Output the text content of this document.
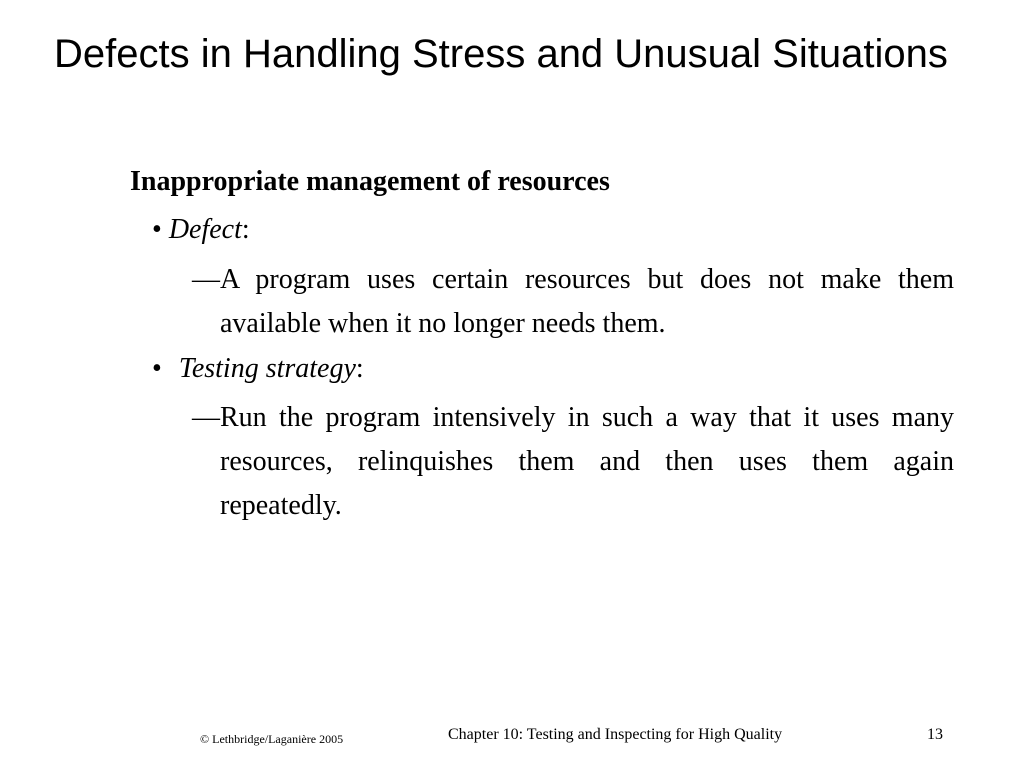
Defects in Handling Stress and Unusual Situations
Inappropriate management of resources
• Defect:
—A program uses certain resources but does not make them available when it no longer needs them.
• Testing strategy:
—Run the program intensively in such a way that it uses many resources, relinquishes them and then uses them again repeatedly.
© Lethbridge/Laganière 2005	Chapter 10: Testing and Inspecting for High Quality	13
